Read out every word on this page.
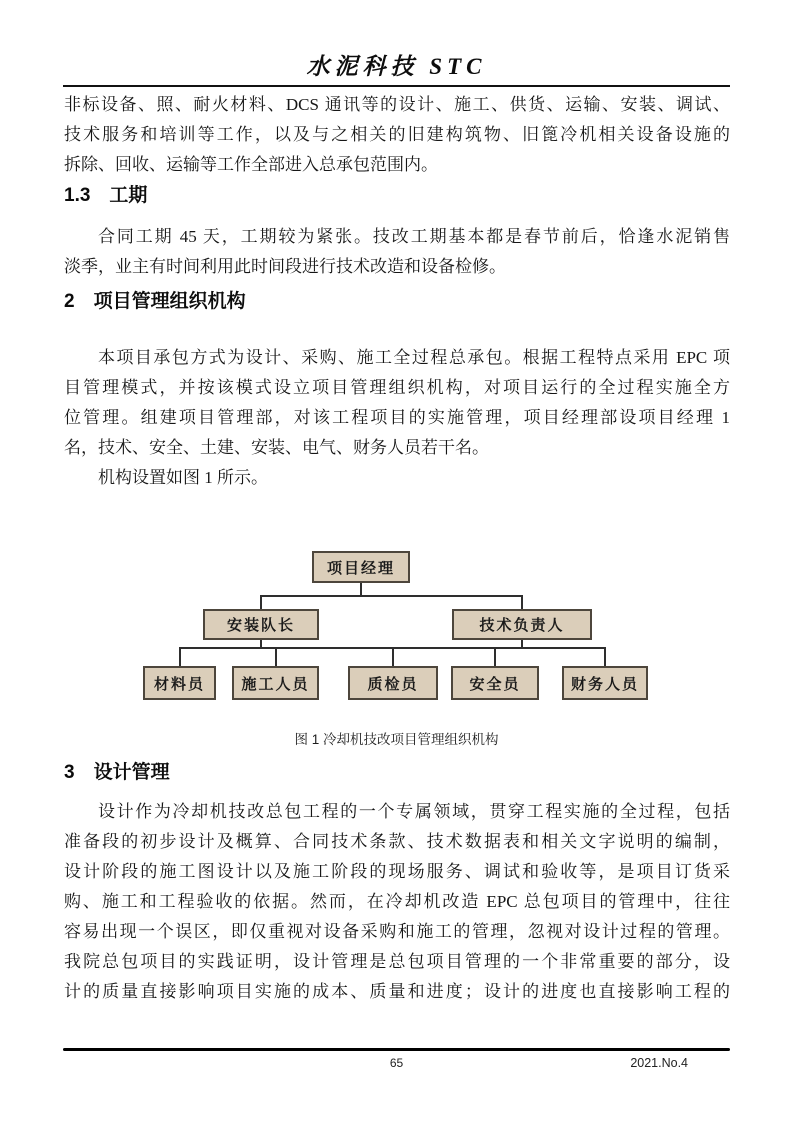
水泥科技 STC
非标设备、照、耐火材料、DCS 通讯等的设计、施工、供货、运输、安装、调试、
技术服务和培训等工作，以及与之相关的旧建构筑物、旧篦冷机相关设备设施的
拆除、回收、运输等工作全部进入总承包范围内。
1.3　工期
合同工期 45 天，工期较为紧张。技改工期基本都是春节前后，恰逢水泥销售
淡季，业主有时间利用此时间段进行技术改造和设备检修。
2　项目管理组织机构
本项目承包方式为设计、采购、施工全过程总承包。根据工程特点采用 EPC 项
目管理模式，并按该模式设立项目管理组织机构，对项目运行的全过程实施全方
位管理。组建项目管理部，对该工程项目的实施管理，项目经理部设项目经理 1
名，技术、安全、土建、安装、电气、财务人员若干名。
机构设置如图 1 所示。
项目经理
安装队长	技术负责人
材料员	施工人员	质检员	安全员	财务人员
图 1 冷却机技改项目管理组织机构
3　设计管理
设计作为冷却机技改总包工程的一个专属领域，贯穿工程实施的全过程，包括
准备段的初步设计及概算、合同技术条款、技术数据表和相关文字说明的编制，
设计阶段的施工图设计以及施工阶段的现场服务、调试和验收等，是项目订货采
购、施工和工程验收的依据。然而，在冷却机改造 EPC 总包项目的管理中，往往
容易出现一个误区，即仅重视对设备采购和施工的管理，忽视对设计过程的管理。
我院总包项目的实践证明，设计管理是总包项目管理的一个非常重要的部分，设
计的质量直接影响项目实施的成本、质量和进度；设计的进度也直接影响工程的
65	2021.No.4
